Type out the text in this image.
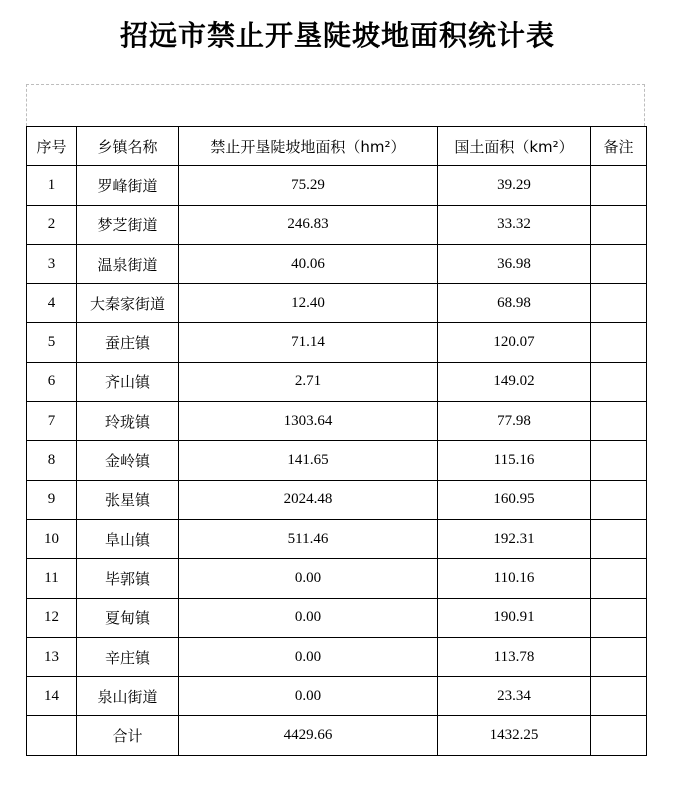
招远市禁止开垦陡坡地面积统计表
序号	乡镇名称	禁止开垦陡坡地面积（hm²）	国土面积（km²）	备注
1	罗峰街道	75.29	39.29	
2	梦芝街道	246.83	33.32	
3	温泉街道	40.06	36.98	
4	大秦家街道	12.40	68.98	
5	蚕庄镇	71.14	120.07	
6	齐山镇	2.71	149.02	
7	玲珑镇	1303.64	77.98	
8	金岭镇	141.65	115.16	
9	张星镇	2024.48	160.95	
10	阜山镇	511.46	192.31	
11	毕郭镇	0.00	110.16	
12	夏甸镇	0.00	190.91	
13	辛庄镇	0.00	113.78	
14	泉山街道	0.00	23.34	
	合计	4429.66	1432.25	
